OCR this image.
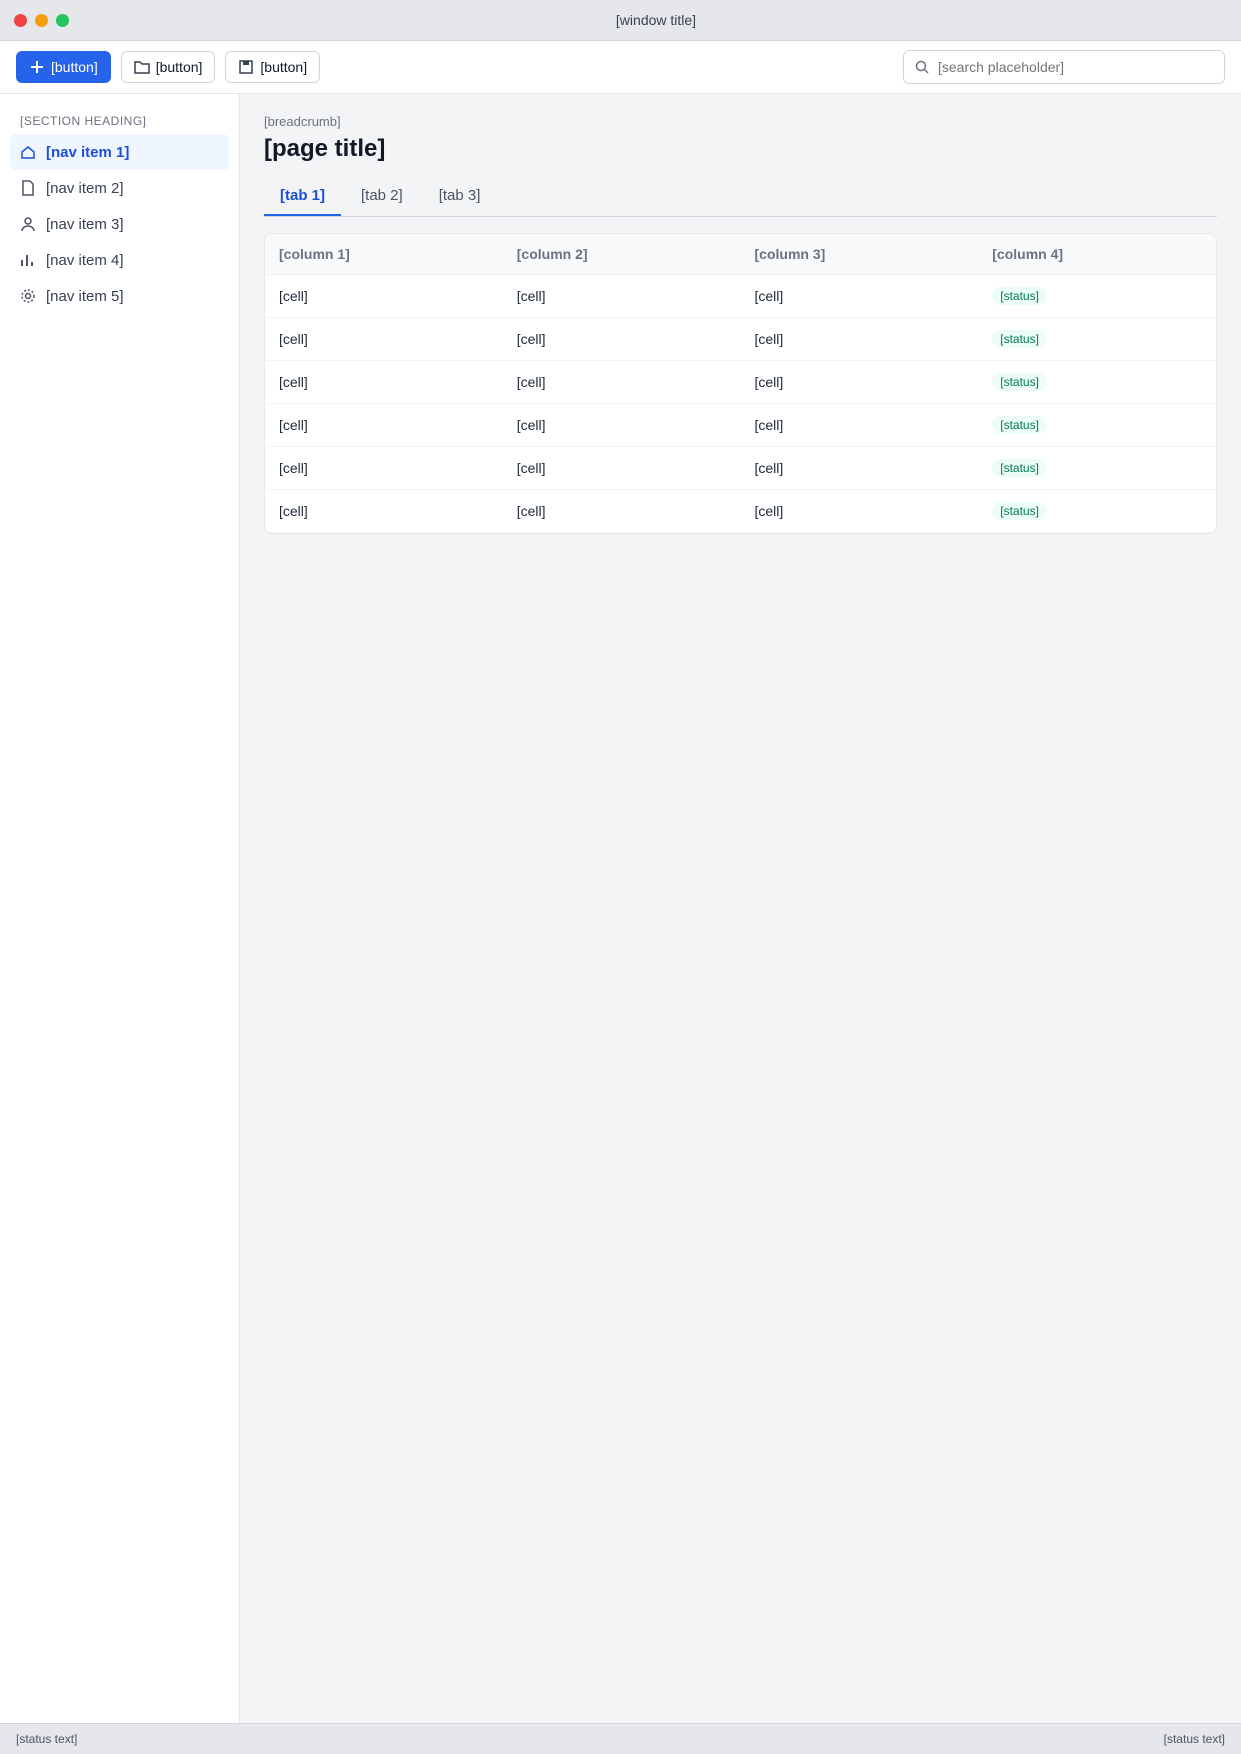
[window title]
[button]	[button]	[button]
[search placeholder]
[SECTION HEADING]
[nav item 1]
[nav item 2]
[nav item 3]
[nav item 4]
[nav item 5]
[breadcrumb]
[page title]
[tab 1]	[tab 2]	[tab 3]
[column 1]	[column 2]	[column 3]	[column 4]
[cell]	[cell]	[cell]	[status]
[cell]	[cell]	[cell]	[status]
[cell]	[cell]	[cell]	[status]
[cell]	[cell]	[cell]	[status]
[cell]	[cell]	[cell]	[status]
[cell]	[cell]	[cell]	[status]
[status text]	[status text]
